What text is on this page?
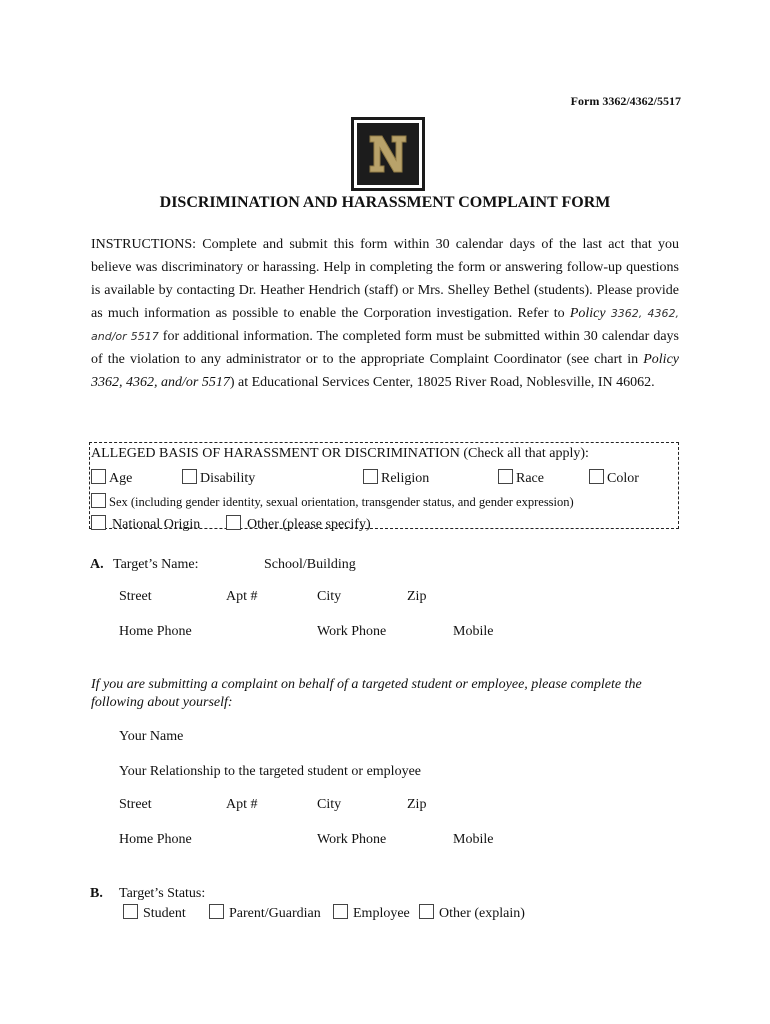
Form 3362/4362/5517
DISCRIMINATION AND HARASSMENT COMPLAINT FORM
INSTRUCTIONS: Complete and submit this form within 30 calendar days of the last act that you believe was discriminatory or harassing. Help in completing the form or answering follow-up questions is available by contacting Dr. Heather Hendrich (staff) or Mrs. Shelley Bethel (students). Please provide as much information as possible to enable the Corporation investigation. Refer to Policy 3362, 4362, and/or 5517 for additional information. The completed form must be submitted within 30 calendar days of the violation to any administrator or to the appropriate Complaint Coordinator (see chart in Policy 3362, 4362, and/or 5517) at Educational Services Center, 18025 River Road, Noblesville, IN 46062.
ALLEGED BASIS OF HARASSMENT OR DISCRIMINATION (Check all that apply):
Age	Disability	Religion	Race	Color
Sex (including gender identity, sexual orientation, transgender status, and gender expression)
National Origin	Other (please specify)
A. Target’s Name:	School/Building
Street	Apt #	City	Zip
Home Phone	Work Phone	Mobile
If you are submitting a complaint on behalf of a targeted student or employee, please complete the following about yourself:
Your Name
Your Relationship to the targeted student or employee
Street	Apt #	City	Zip
Home Phone	Work Phone	Mobile
B. Target’s Status:
Student	Parent/Guardian	Employee	Other (explain)
